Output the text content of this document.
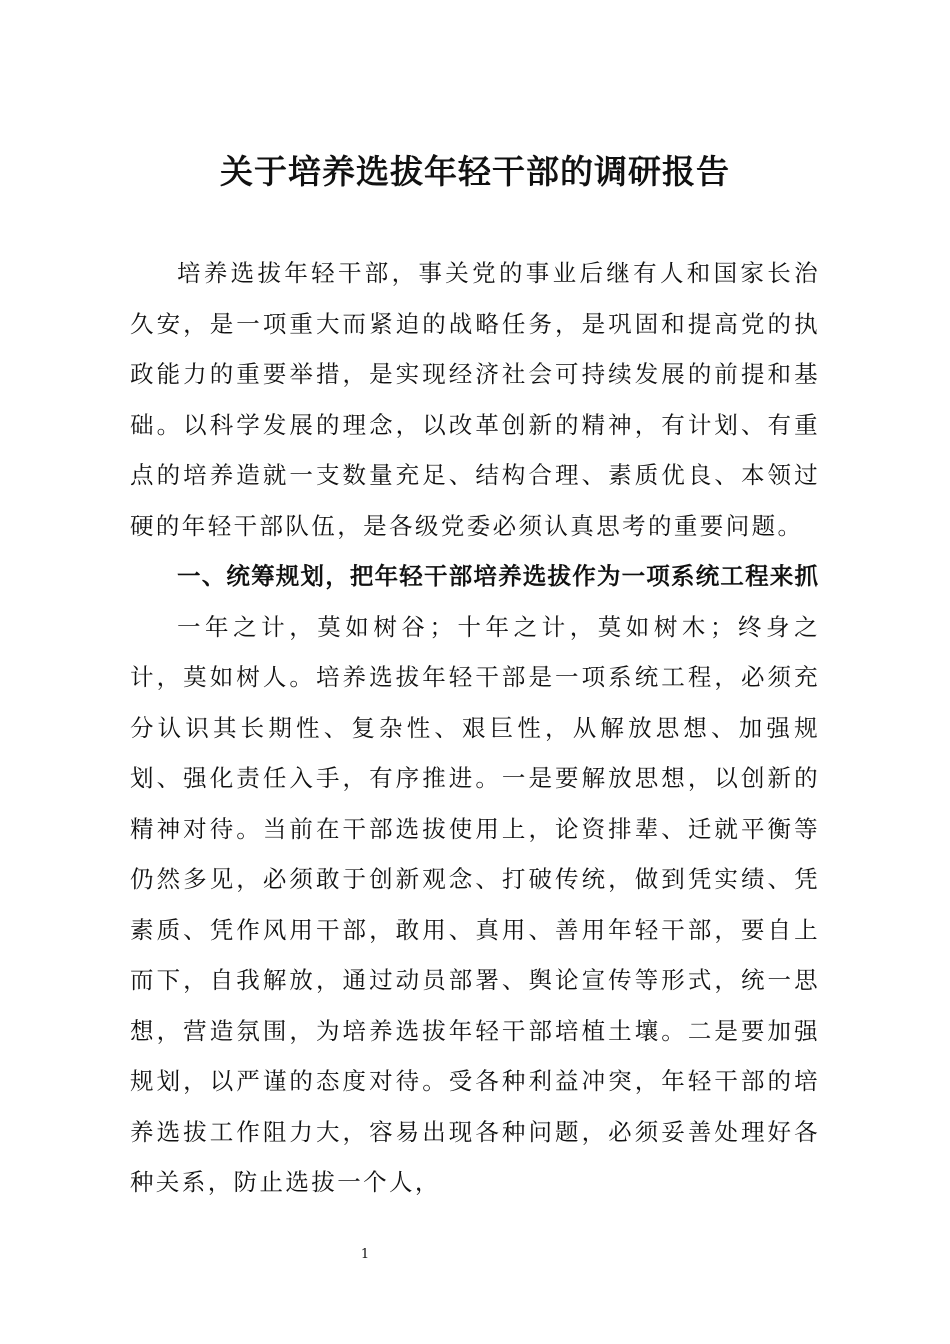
关于培养选拔年轻干部的调研报告

培养选拔年轻干部，事关党的事业后继有人和国家长治久安，是一项重大而紧迫的战略任务，是巩固和提高党的执政能力的重要举措，是实现经济社会可持续发展的前提和基础。以科学发展的理念，以改革创新的精神，有计划、有重点的培养造就一支数量充足、结构合理、素质优良、本领过硬的年轻干部队伍，是各级党委必须认真思考的重要问题。

一、统筹规划，把年轻干部培养选拔作为一项系统工程来抓

一年之计，莫如树谷；十年之计，莫如树木；终身之计，莫如树人。培养选拔年轻干部是一项系统工程，必须充分认识其长期性、复杂性、艰巨性，从解放思想、加强规划、强化责任入手，有序推进。一是要解放思想，以创新的精神对待。当前在干部选拔使用上，论资排辈、迁就平衡等仍然多见，必须敢于创新观念、打破传统，做到凭实绩、凭素质、凭作风用干部，敢用、真用、善用年轻干部，要自上而下，自我解放，通过动员部署、舆论宣传等形式，统一思想，营造氛围，为培养选拔年轻干部培植土壤。二是要加强规划，以严谨的态度对待。受各种利益冲突，年轻干部的培养选拔工作阻力大，容易出现各种问题，必须妥善处理好各种关系，防止选拔一个人，

1
